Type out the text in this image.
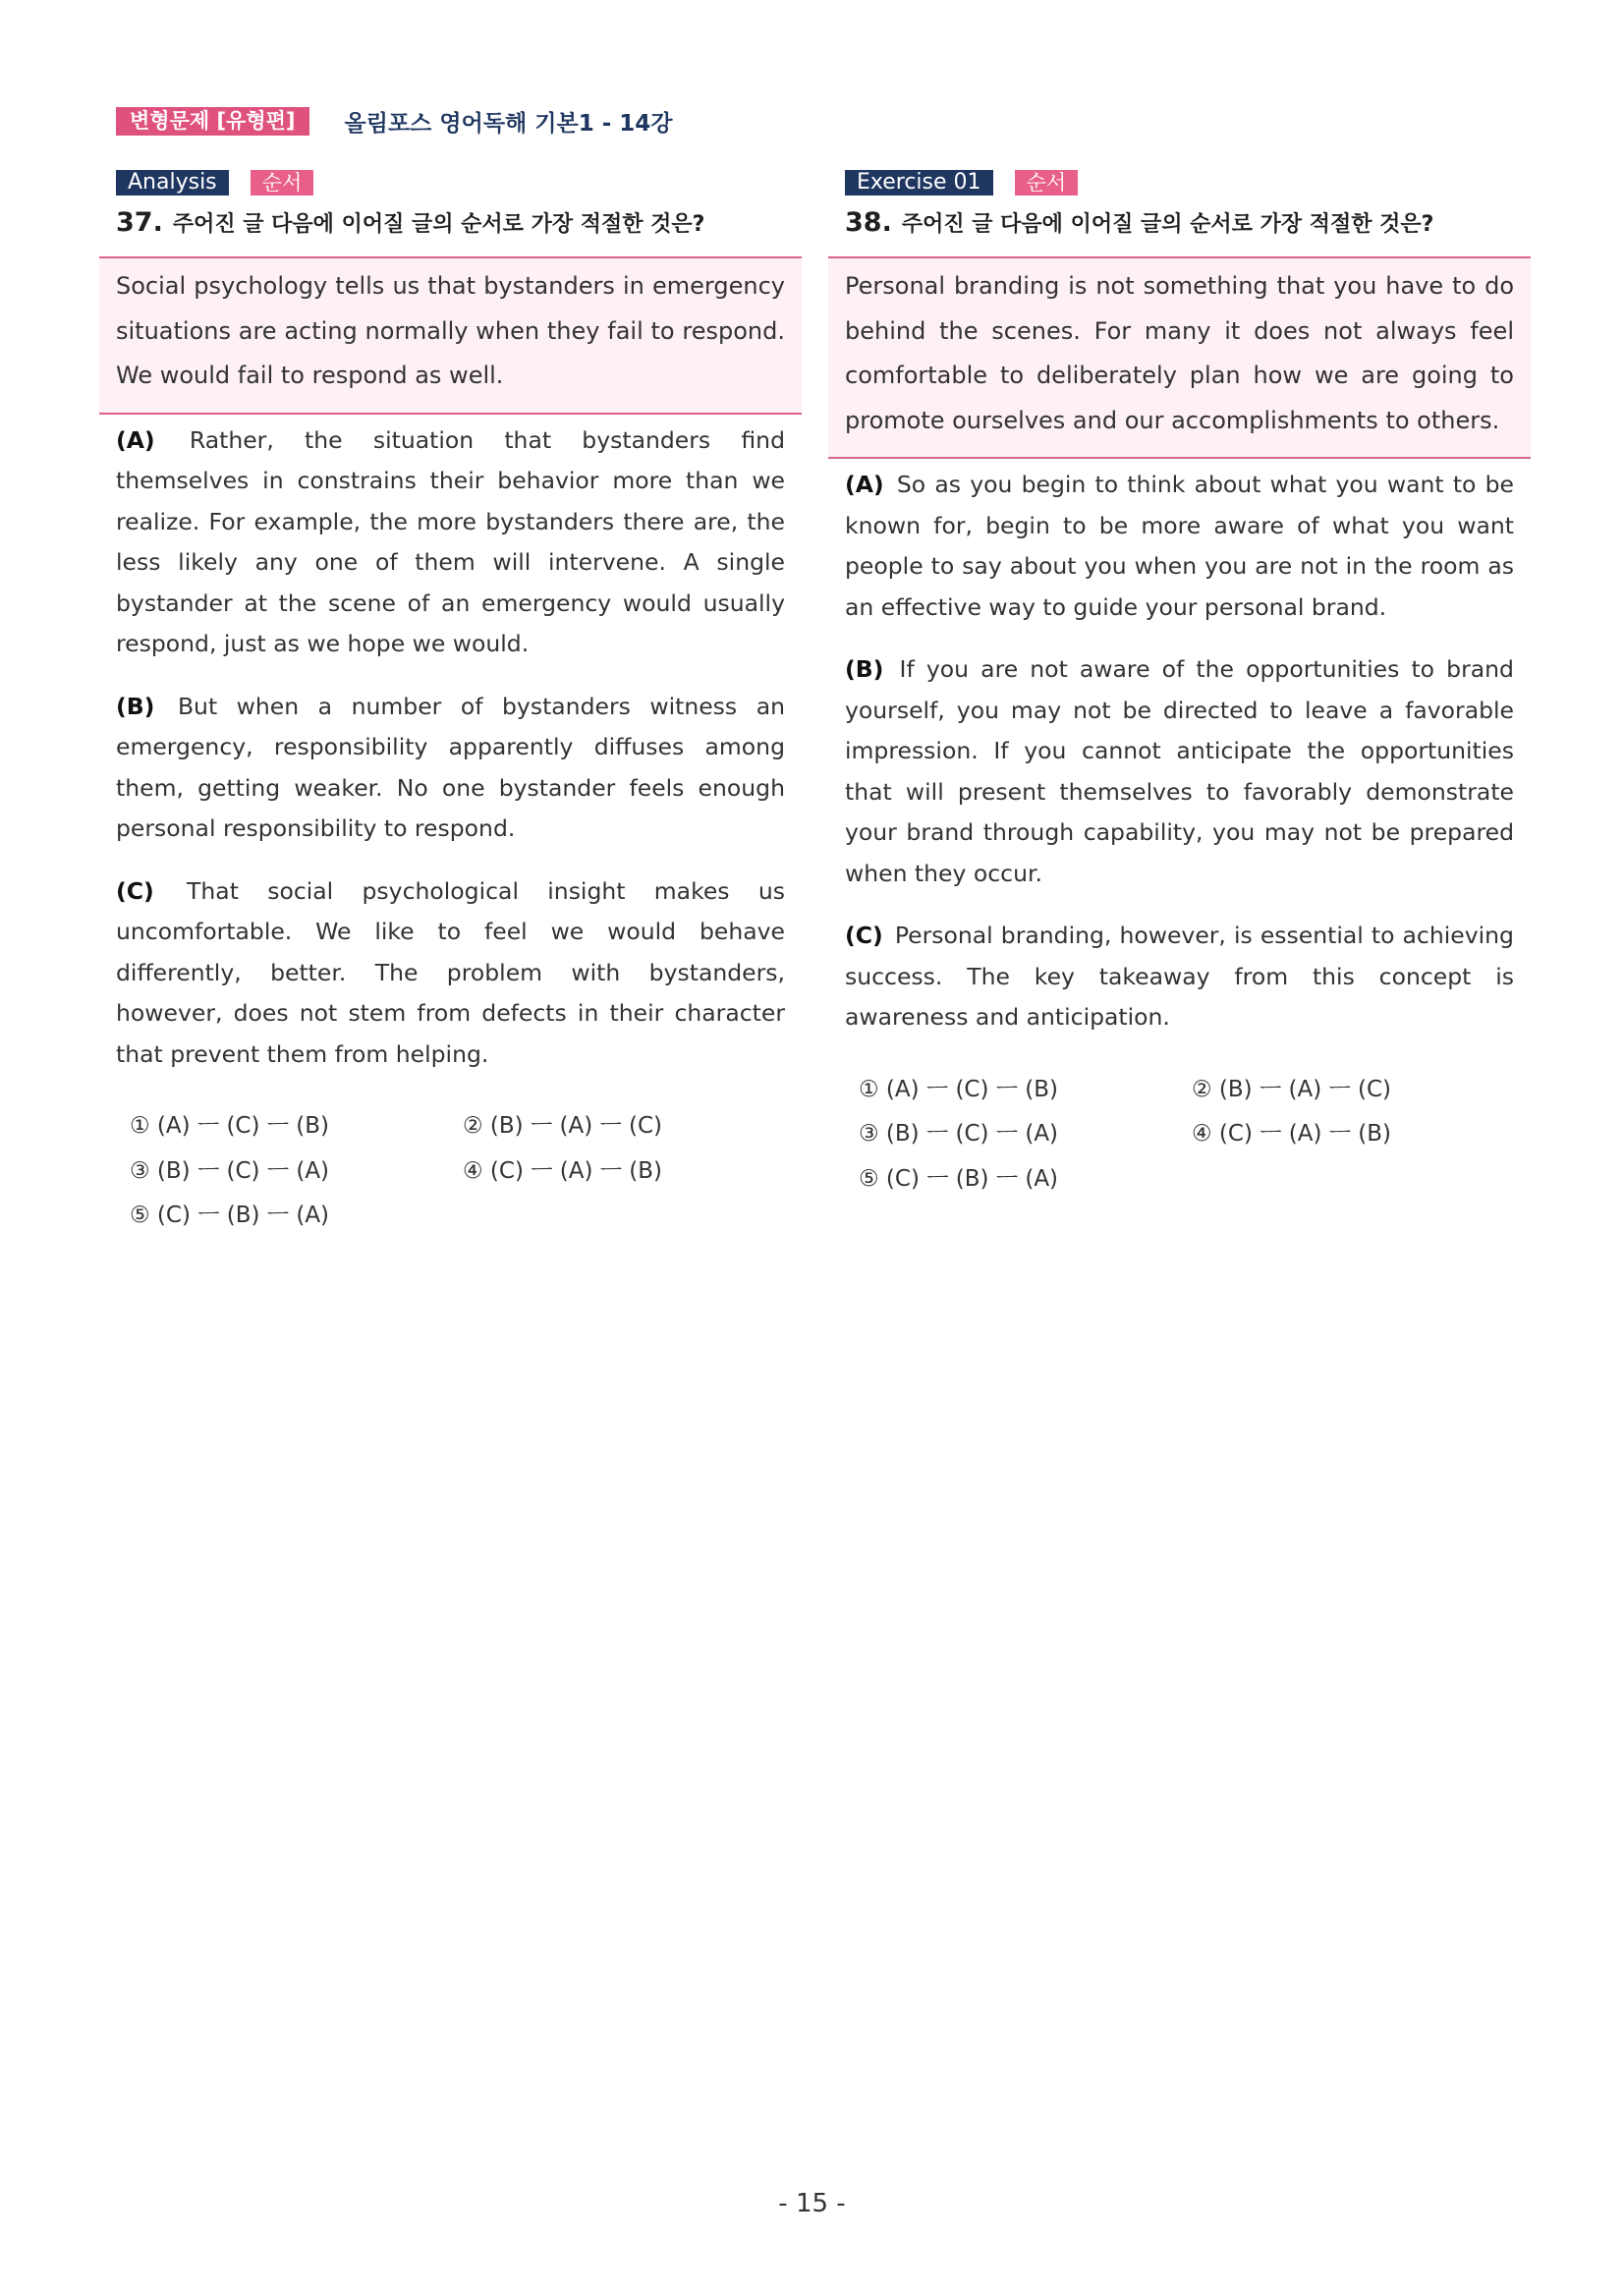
변형문제 [유형편]	올림포스 영어독해 기본1 - 14강
Analysis	순서
37. 주어진 글 다음에 이어질 글의 순서로 가장 적절한 것은?
Social psychology tells us that bystanders in emergency situations are acting normally when they fail to respond. We would fail to respond as well.

(A) Rather, the situation that bystanders find themselves in constrains their behavior more than we realize. For example, the more bystanders there are, the less likely any one of them will intervene. A single bystander at the scene of an emergency would usually respond, just as we hope we would.

(B) But when a number of bystanders witness an emergency, responsibility apparently diffuses among them, getting weaker. No one bystander feels enough personal responsibility to respond.

(C) That social psychological insight makes us uncomfortable. We like to feel we would behave differently, better. The problem with bystanders, however, does not stem from defects in their character that prevent them from helping.

① (A) ㅡ (C) ㅡ (B)	② (B) ㅡ (A) ㅡ (C)
③ (B) ㅡ (C) ㅡ (A)	④ (C) ㅡ (A) ㅡ (B)
⑤ (C) ㅡ (B) ㅡ (A)
Exercise 01	순서
38. 주어진 글 다음에 이어질 글의 순서로 가장 적절한 것은?
Personal branding is not something that you have to do behind the scenes. For many it does not always feel comfortable to deliberately plan how we are going to promote ourselves and our accomplishments to others.

(A) So as you begin to think about what you want to be known for, begin to be more aware of what you want people to say about you when you are not in the room as an effective way to guide your personal brand.

(B) If you are not aware of the opportunities to brand yourself, you may not be directed to leave a favorable impression. If you cannot anticipate the opportunities that will present themselves to favorably demonstrate your brand through capability, you may not be prepared when they occur.

(C) Personal branding, however, is essential to achieving success. The key takeaway from this concept is awareness and anticipation.

① (A) ㅡ (C) ㅡ (B)	② (B) ㅡ (A) ㅡ (C)
③ (B) ㅡ (C) ㅡ (A)	④ (C) ㅡ (A) ㅡ (B)
⑤ (C) ㅡ (B) ㅡ (A)
- 15 -
